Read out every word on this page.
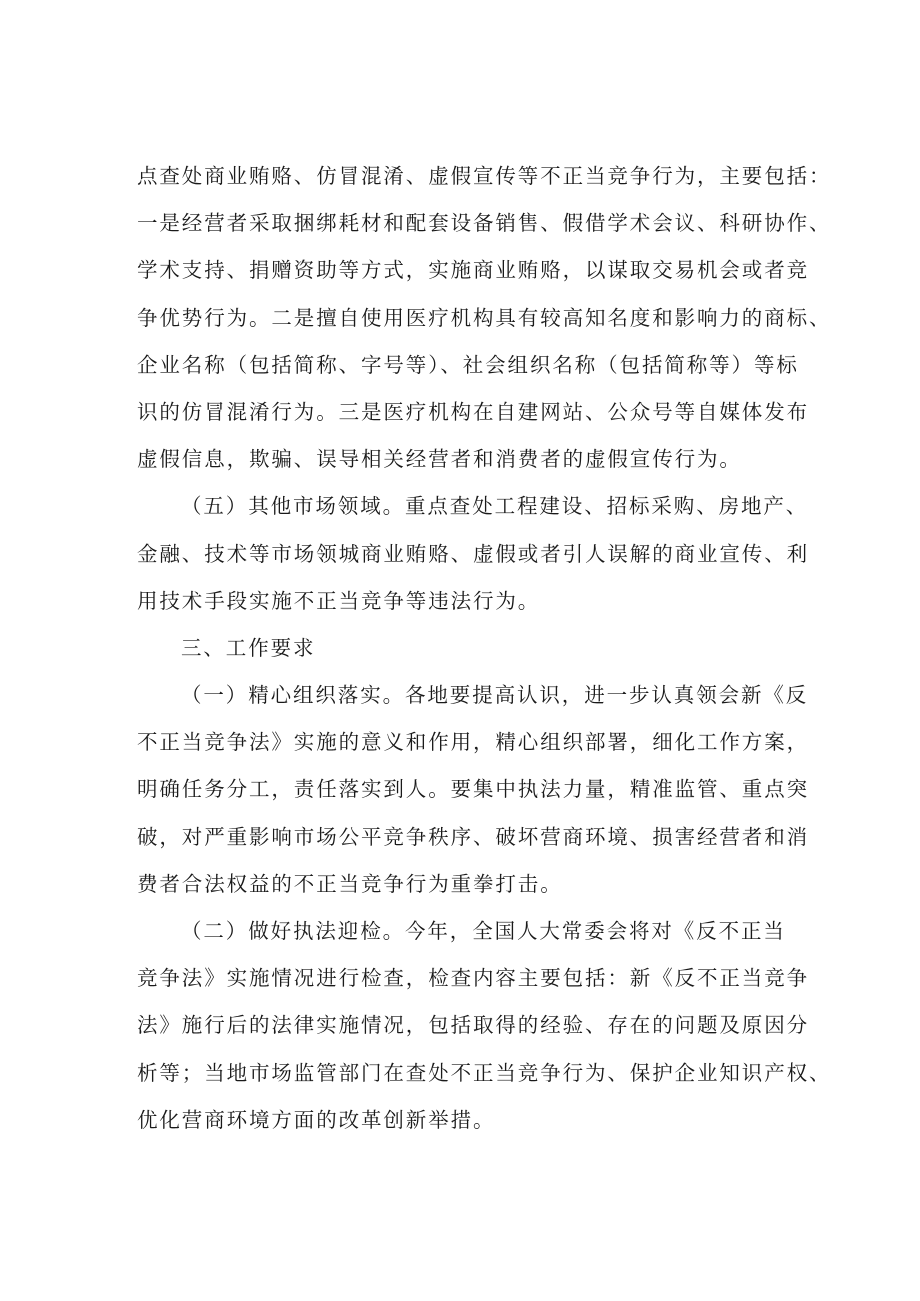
点查处商业贿赂、仿冒混淆、虚假宣传等不正当竞争行为，主要包括：
一是经营者采取捆绑耗材和配套设备销售、假借学术会议、科研协作、
学术支持、捐赠资助等方式，实施商业贿赂，以谋取交易机会或者竞
争优势行为。二是擅自使用医疗机构具有较高知名度和影响力的商标、
企业名称（包括简称、字号等）、社会组织名称（包括简称等）等标
识的仿冒混淆行为。三是医疗机构在自建网站、公众号等自媒体发布
虚假信息，欺骗、误导相关经营者和消费者的虚假宣传行为。
（五）其他市场领域。重点查处工程建设、招标采购、房地产、
金融、技术等市场领城商业贿赂、虚假或者引人误解的商业宣传、利
用技术手段实施不正当竞争等违法行为。
三、工作要求
（一）精心组织落实。各地要提高认识，进一步认真领会新《反
不正当竞争法》实施的意义和作用，精心组织部署，细化工作方案，
明确任务分工，责任落实到人。要集中执法力量，精准监管、重点突
破，对严重影响市场公平竞争秩序、破坏营商环境、损害经营者和消
费者合法权益的不正当竞争行为重拳打击。
（二）做好执法迎检。今年，全国人大常委会将对《反不正当
竞争法》实施情况进行检查，检查内容主要包括：新《反不正当竞争
法》施行后的法律实施情况，包括取得的经验、存在的问题及原因分
析等；当地市场监管部门在查处不正当竞争行为、保护企业知识产权、
优化营商环境方面的改革创新举措。
